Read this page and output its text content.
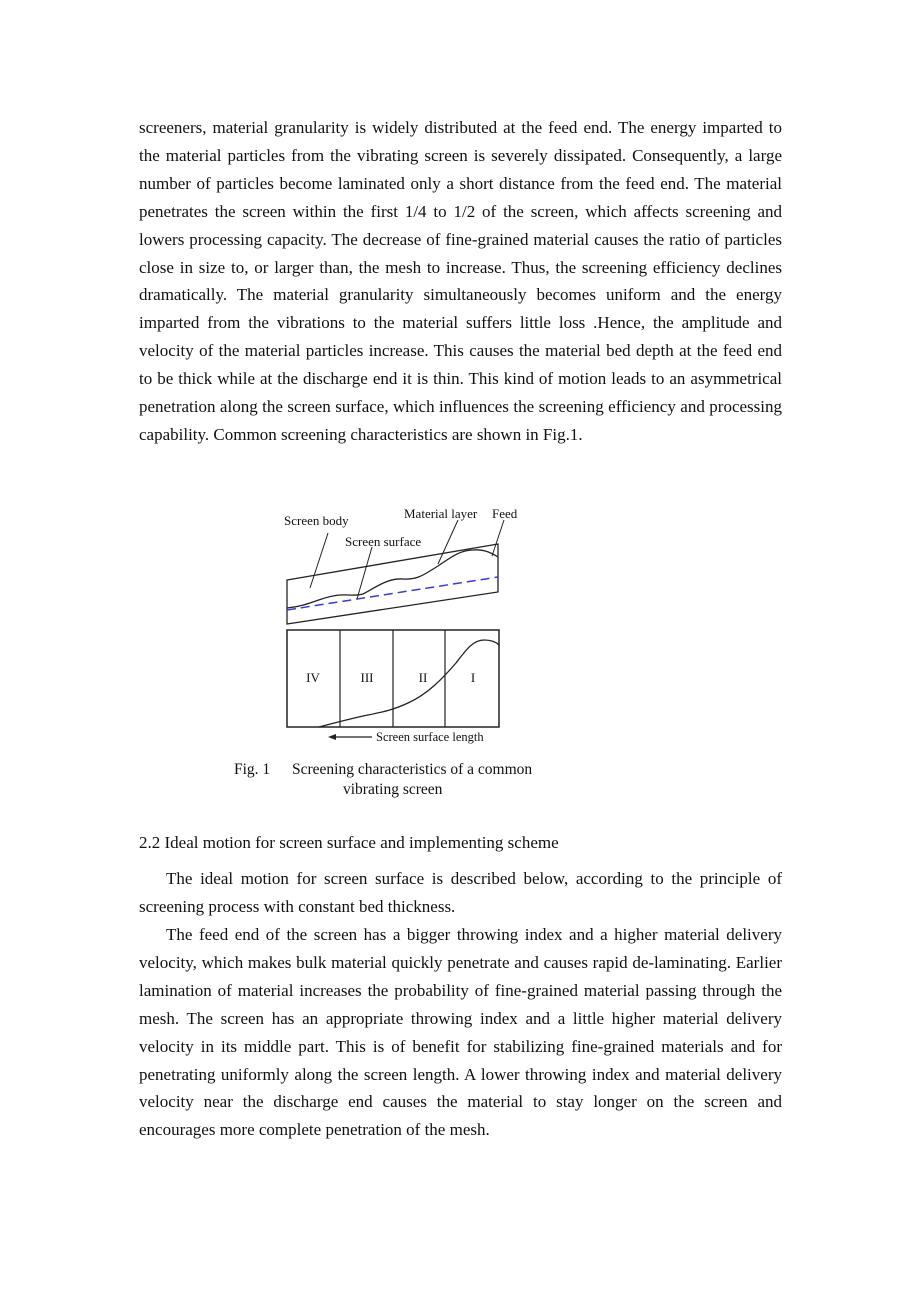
screeners, material granularity is widely distributed at the feed end. The energy imparted to the material particles from the vibrating screen is severely dissipated. Consequently, a large number of particles become laminated only a short distance from the feed end. The material penetrates the screen within the first 1/4 to 1/2 of the screen, which affects screening and lowers processing capacity. The decrease of fine-grained material causes the ratio of particles close in size to, or larger than, the mesh to increase. Thus, the screening efficiency declines dramatically. The material granularity simultaneously becomes uniform and the energy imparted from the vibrations to the material suffers little loss .Hence, the amplitude and velocity of the material particles increase. This causes the material bed depth at the feed end to be thick while at the discharge end it is thin. This kind of motion leads to an asymmetrical penetration along the screen surface, which influences the screening efficiency and processing capability. Common screening characteristics are shown in Fig.1.

Screen body	Material layer Feed
Screen surface
IV	III	II	I
Screen surface length

Fig. 1 Screening characteristics of a common
vibrating screen

2.2 Ideal motion for screen surface and implementing scheme

The ideal motion for screen surface is described below, according to the principle of screening process with constant bed thickness.

The feed end of the screen has a bigger throwing index and a higher material delivery velocity, which makes bulk material quickly penetrate and causes rapid de-laminating. Earlier lamination of material increases the probability of fine-grained material passing through the mesh. The screen has an appropriate throwing index and a little higher material delivery velocity in its middle part. This is of benefit for stabilizing fine-grained materials and for penetrating uniformly along the screen length. A lower throwing index and material delivery velocity near the discharge end causes the material to stay longer on the screen and encourages more complete penetration of the mesh.
